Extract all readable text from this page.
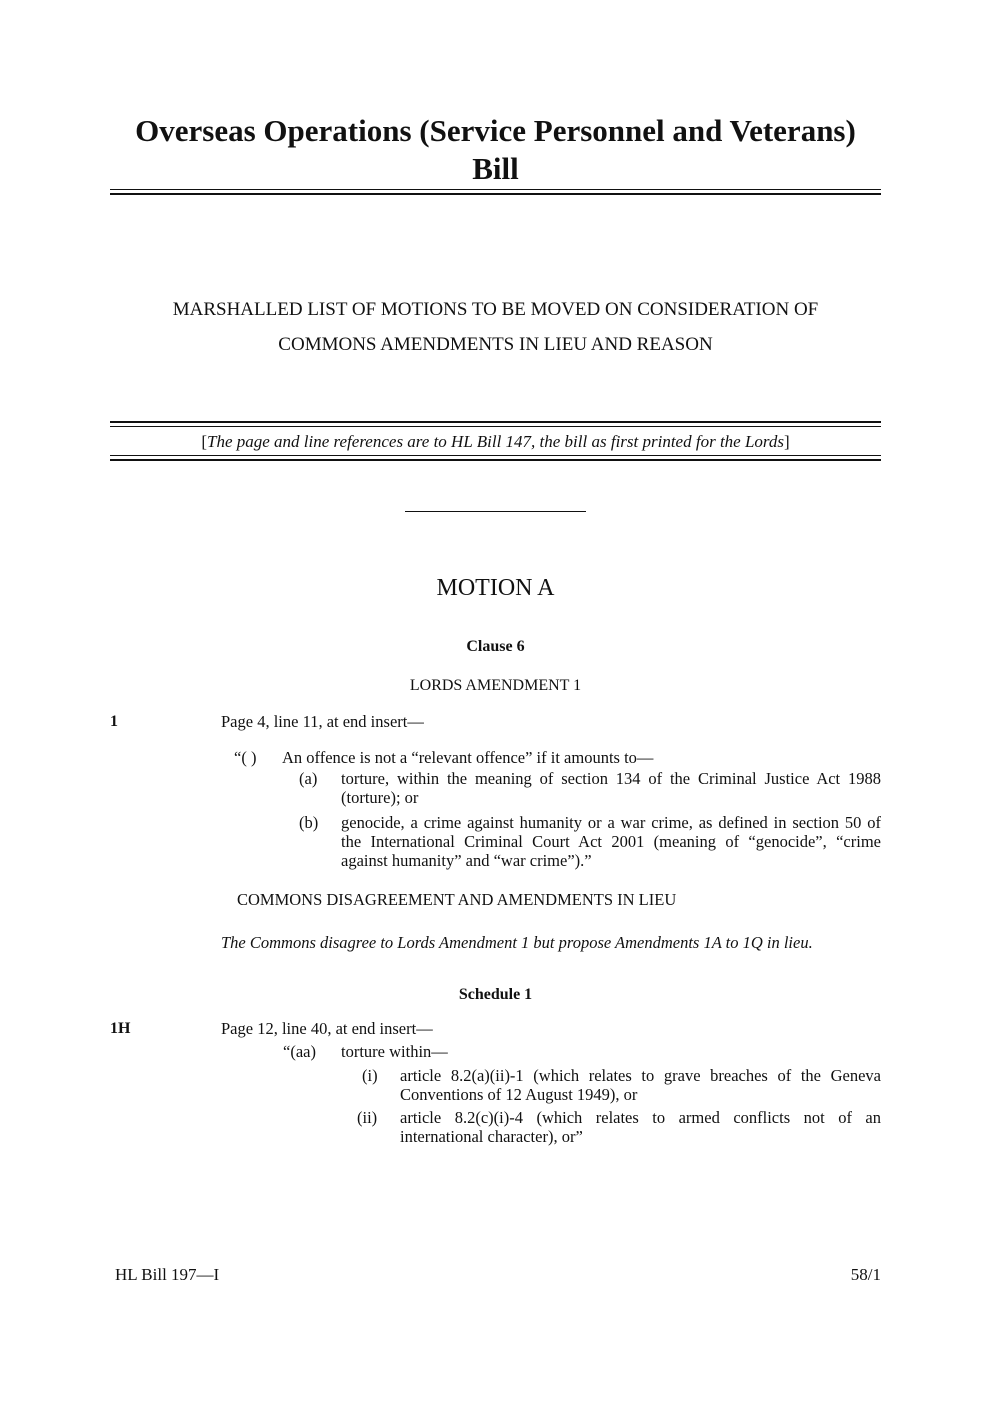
Overseas Operations (Service Personnel and Veterans)
Bill
MARSHALLED LIST OF MOTIONS TO BE MOVED ON CONSIDERATION OF
COMMONS AMENDMENTS IN LIEU AND REASON
[The page and line references are to HL Bill 147, the bill as first printed for the Lords]
MOTION A
Clause 6
LORDS AMENDMENT 1
1	Page 4, line 11, at end insert—
“( ) An offence is not a “relevant offence” if it amounts to—
(a) torture, within the meaning of section 134 of the Criminal Justice Act 1988 (torture); or
(b) genocide, a crime against humanity or a war crime, as defined in section 50 of the International Criminal Court Act 2001 (meaning of “genocide”, “crime against humanity” and “war crime”).”
COMMONS DISAGREEMENT AND AMENDMENTS IN LIEU
The Commons disagree to Lords Amendment 1 but propose Amendments 1A to 1Q in lieu.
Schedule 1
1H	Page 12, line 40, at end insert—
“(aa) torture within—
(i) article 8.2(a)(ii)-1 (which relates to grave breaches of the Geneva Conventions of 12 August 1949), or
(ii) article 8.2(c)(i)-4 (which relates to armed conflicts not of an international character), or”
HL Bill 197—I	58/1
